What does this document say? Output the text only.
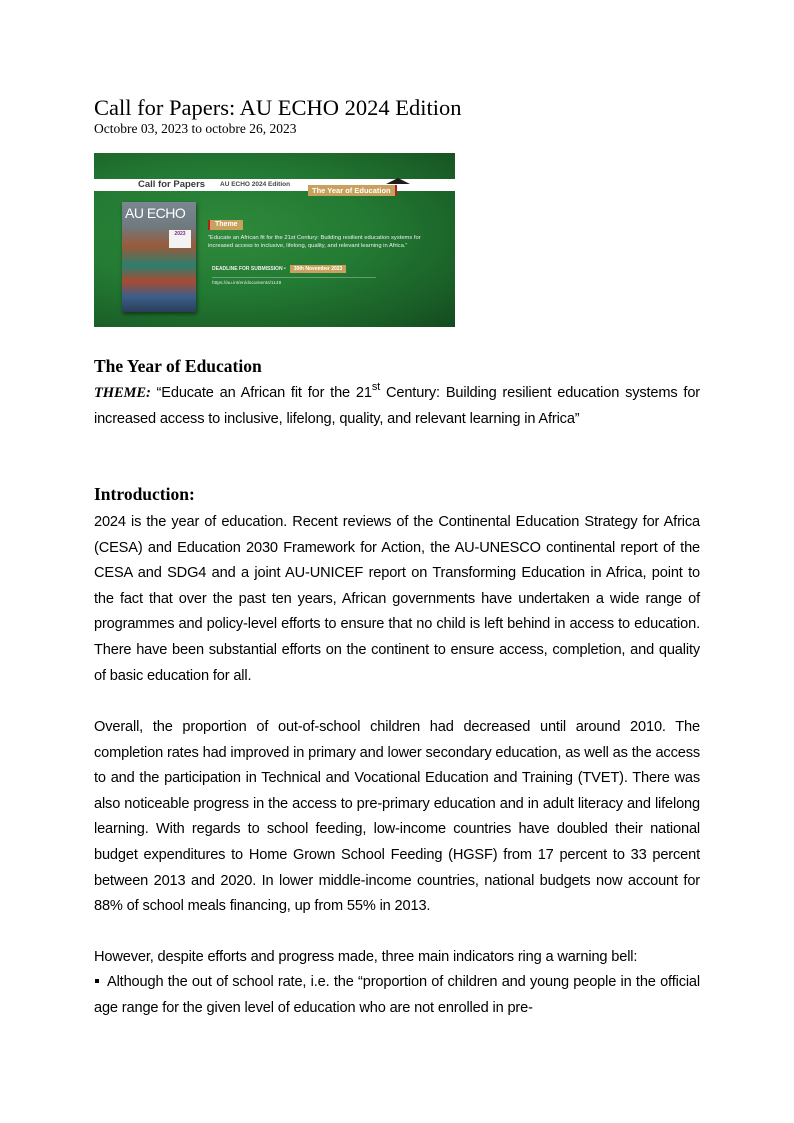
Call for Papers: AU ECHO 2024 Edition
Octobre 03, 2023 to octobre 26, 2023
Call for Papers AU ECHO 2024 Edition
The Year of Education
AU ECHO
2023
Theme
“Educate an African fit for the 21st Century: Building resilient education systems for increased access to inclusive, lifelong, quality, and relevant learning in Africa.”
DEADLINE FOR SUBMISSION • 30th November 2023
https://au.int/en/documents/1148
The Year of Education
THEME: “Educate an African fit for the 21st Century: Building resilient education systems for increased access to inclusive, lifelong, quality, and relevant learning in Africa”
Introduction:
2024 is the year of education. Recent reviews of the Continental Education Strategy for Africa (CESA) and Education 2030 Framework for Action, the AU-UNESCO continental report of the CESA and SDG4 and a joint AU-UNICEF report on Transforming Education in Africa, point to the fact that over the past ten years, African governments have undertaken a wide range of programmes and policy-level efforts to ensure that no child is left behind in access to education. There have been substantial efforts on the continent to ensure access, completion, and quality of basic education for all.
Overall, the proportion of out-of-school children had decreased until around 2010. The completion rates had improved in primary and lower secondary education, as well as the access to and the participation in Technical and Vocational Education and Training (TVET). There was also noticeable progress in the access to pre-primary education and in adult literacy and lifelong learning. With regards to school feeding, low-income countries have doubled their national budget expenditures to Home Grown School Feeding (HGSF) from 17 percent to 33 percent between 2013 and 2020. In lower middle-income countries, national budgets now account for 88% of school meals financing, up from 55% in 2013.
However, despite efforts and progress made, three main indicators ring a warning bell:
Although the out of school rate, i.e. the “proportion of children and young people in the official age range for the given level of education who are not enrolled in pre-
